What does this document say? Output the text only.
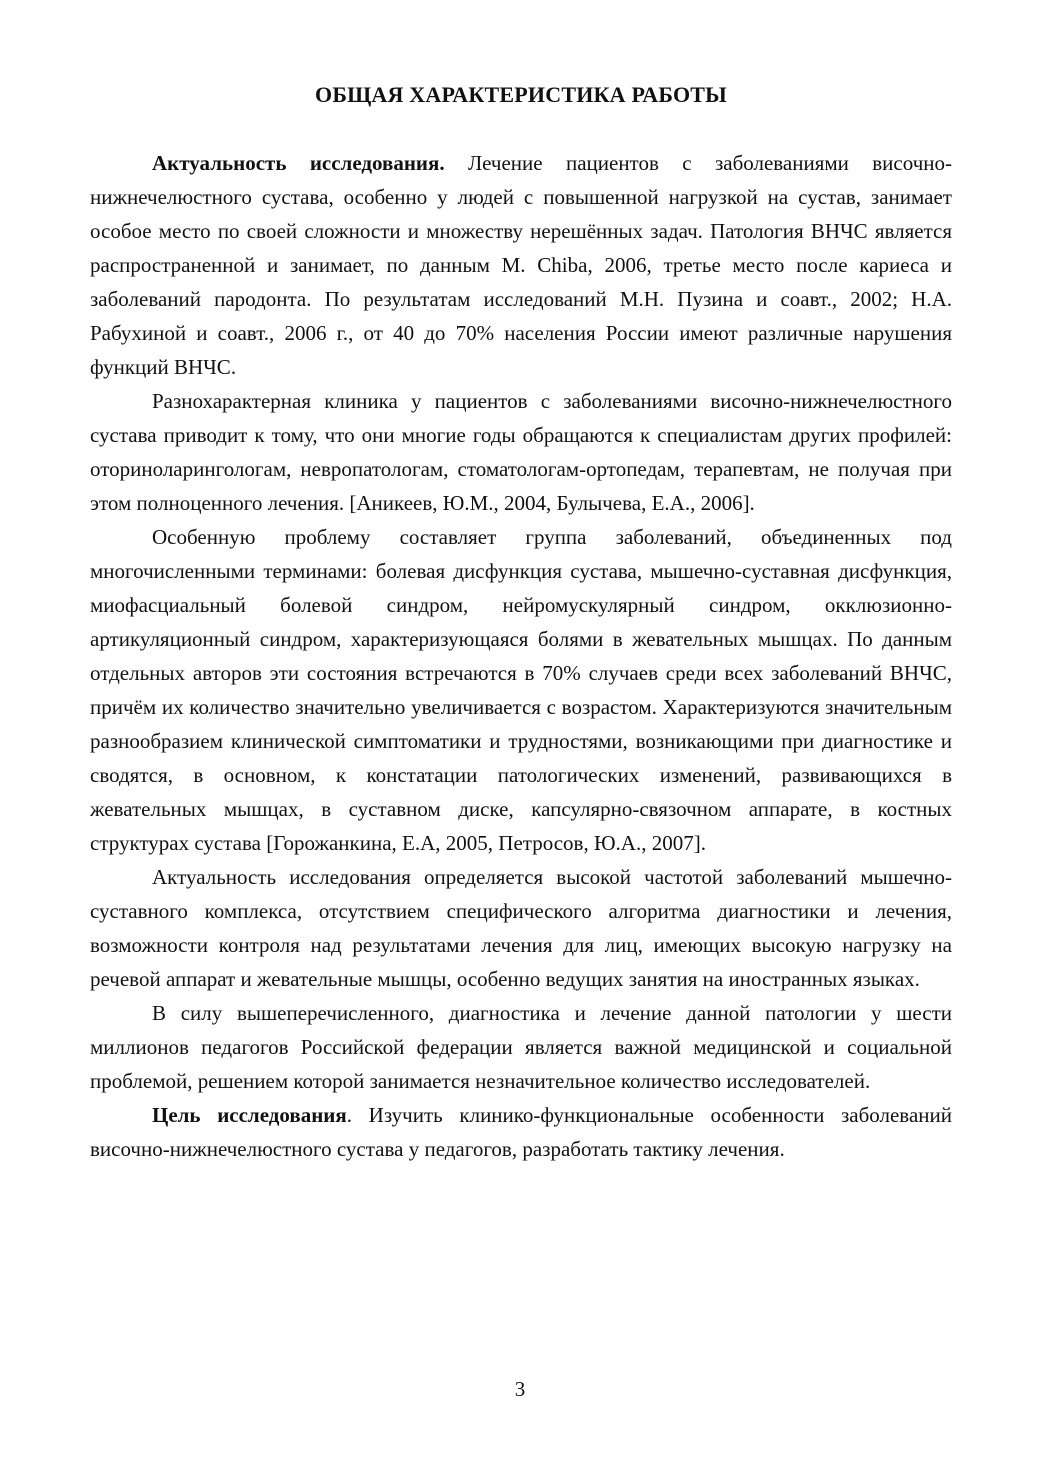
ОБЩАЯ ХАРАКТЕРИСТИКА РАБОТЫ

Актуальность исследования. Лечение пациентов с заболеваниями височно-нижнечелюстного сустава, особенно у людей с повышенной нагрузкой на сустав, занимает особое место по своей сложности и множеству нерешённых задач. Патология ВНЧС является распространенной и занимает, по данным M. Chiba, 2006, третье место после кариеса и заболеваний пародонта. По результатам исследований М.Н. Пузина и соавт., 2002; Н.А. Рабухиной и соавт., 2006 г., от 40 до 70% населения России имеют различные нарушения функций ВНЧС.

Разнохарактерная клиника у пациентов с заболеваниями височно-нижнечелюстного сустава приводит к тому, что они многие годы обращаются к специалистам других профилей: оториноларингологам, невропатологам, стоматологам-ортопедам, терапевтам, не получая при этом полноценного лечения. [Аникеев, Ю.М., 2004, Булычева, Е.А., 2006].

Особенную проблему составляет группа заболеваний, объединенных под многочисленными терминами: болевая дисфункция сустава, мышечно-суставная дисфункция, миофасциальный болевой синдром, нейромускулярный синдром, окклюзионно-артикуляционный синдром, характеризующаяся болями в жевательных мышцах. По данным отдельных авторов эти состояния встречаются в 70% случаев среди всех заболеваний ВНЧС, причём их количество значительно увеличивается с возрастом. Характеризуются значительным разнообразием клинической симптоматики и трудностями, возникающими при диагностике и сводятся, в основном, к констатации патологических изменений, развивающихся в жевательных мышцах, в суставном диске, капсулярно-связочном аппарате, в костных структурах сустава [Горожанкина, Е.А, 2005, Петросов, Ю.А., 2007].

Актуальность исследования определяется высокой частотой заболеваний мышечно-суставного комплекса, отсутствием специфического алгоритма диагностики и лечения, возможности контроля над результатами лечения для лиц, имеющих высокую нагрузку на речевой аппарат и жевательные мышцы, особенно ведущих занятия на иностранных языках.

В силу вышеперечисленного, диагностика и лечение данной патологии у шести миллионов педагогов Российской федерации является важной медицинской и социальной проблемой, решением которой занимается незначительное количество исследователей.

Цель исследования. Изучить клинико-функциональные особенности заболеваний височно-нижнечелюстного сустава у педагогов, разработать тактику лечения.

3
